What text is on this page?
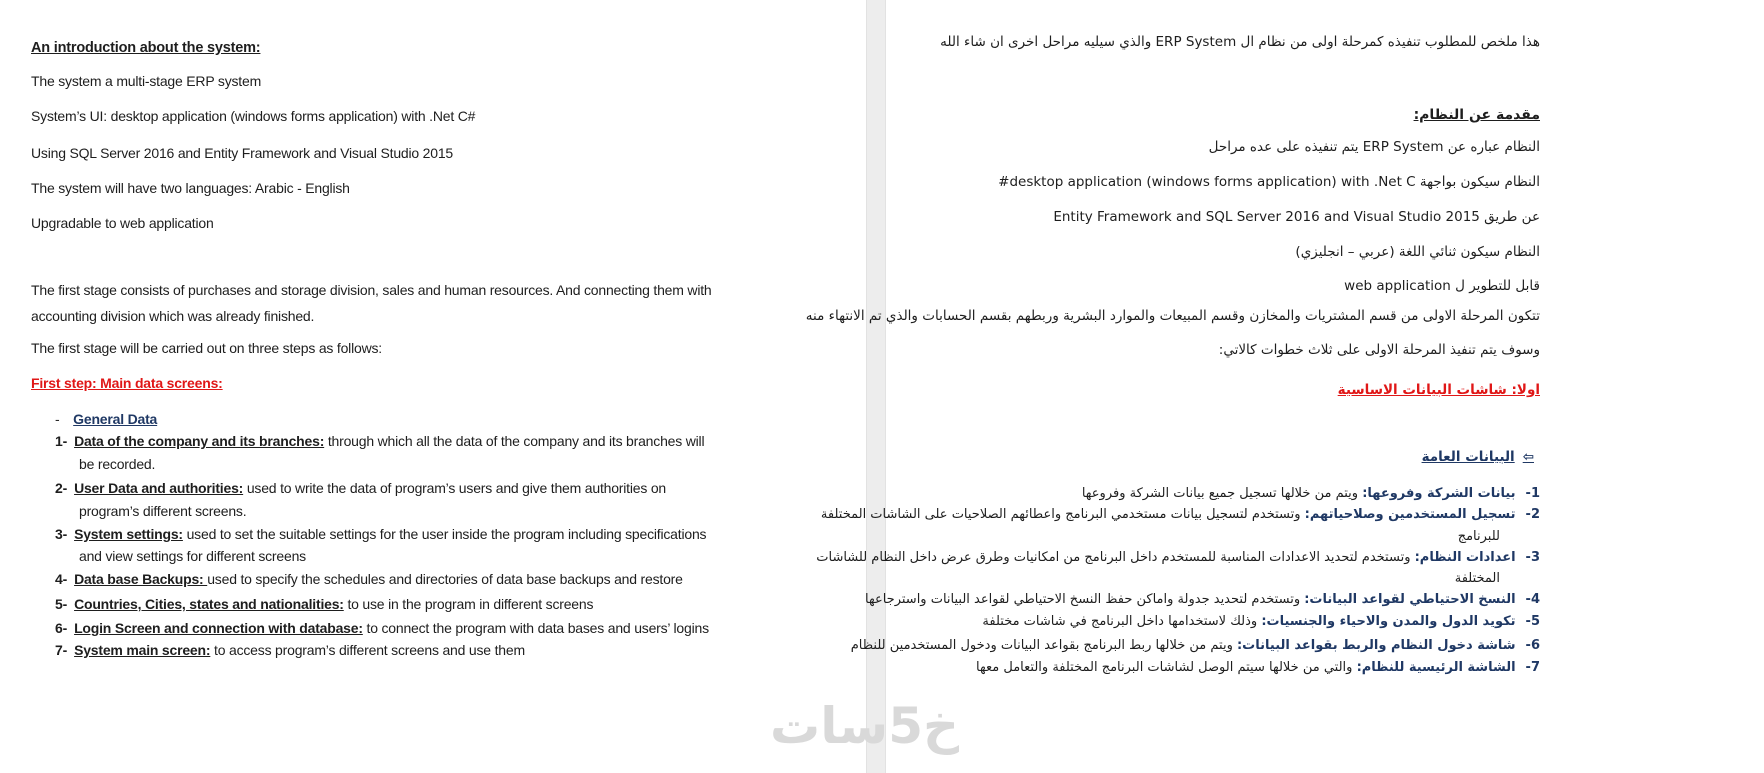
An introduction about the system:
The system a multi-stage ERP system
System’s UI: desktop application (windows forms application) with .Net C#
Using SQL Server 2016 and Entity Framework and Visual Studio 2015
The system will have two languages: Arabic - English
Upgradable to web application
The first stage consists of purchases and storage division, sales and human resources. And connecting them with
accounting division which was already finished.
The first stage will be carried out on three steps as follows:
First step: Main data screens:
- General Data
1- Data of the company and its branches: through which all the data of the company and its branches will
be recorded.
2- User Data and authorities: used to write the data of program’s users and give them authorities on
program’s different screens.
3- System settings: used to set the suitable settings for the user inside the program including specifications
and view settings for different screens
4- Data base Backups: used to specify the schedules and directories of data base backups and restore
5- Countries, Cities, states and nationalities: to use in the program in different screens
6- Login Screen and connection with database: to connect the program with data bases and users’ logins
7- System main screen: to access program’s different screens and use them
هذا ملخص للمطلوب تنفيذه كمرحلة اولى من نظام ال ERP System والذي سيليه مراحل اخرى ان شاء الله
مقدمة عن النظام:
النظام عباره عن ERP System يتم تنفيذه على عده مراحل
النظام سيكون بواجهة desktop application (windows forms application) with .Net C#
عن طريق Entity Framework and SQL Server 2016 and Visual Studio 2015
النظام سيكون ثنائي اللغة (عربي – انجليزي)
قابل للتطوير ل web application
تتكون المرحلة الاولى من قسم المشتريات والمخازن وقسم المبيعات والموارد البشرية وربطهم بقسم الحسابات والذي تم الانتهاء منه
وسوف يتم تنفيذ المرحلة الاولى على ثلاث خطوات كالاتي:
اولا: شاشات البيانات الاساسية
⇦البيانات العامة
-1بيانات الشركة وفروعها: ويتم من خلالها تسجيل جميع بيانات الشركة وفروعها
-2تسجيل المستخدمين وصلاحياتهم: وتستخدم لتسجيل بيانات مستخدمي البرنامج واعطائهم الصلاحيات على الشاشات المختلفة
للبرنامج
-3اعدادات النظام: وتستخدم لتحديد الاعدادات المناسبة للمستخدم داخل البرنامج من امكانيات وطرق عرض داخل النظام للشاشات
المختلفة
-4النسخ الاحتياطي لقواعد البيانات: وتستخدم لتحديد جدولة واماكن حفظ النسخ الاحتياطي لقواعد البيانات واسترجاعها
-5تكويد الدول والمدن والاحياء والجنسيات: وذلك لاستخدامها داخل البرنامج في شاشات مختلفة
-6شاشة دخول النظام والربط بقواعد البيانات: ويتم من خلالها ربط البرنامج بقواعد البيانات ودخول المستخدمين للنظام
-7الشاشة الرئيسية للنظام: والتي من خلالها سيتم الوصل لشاشات البرنامج المختلفة والتعامل معها
خ5سات
